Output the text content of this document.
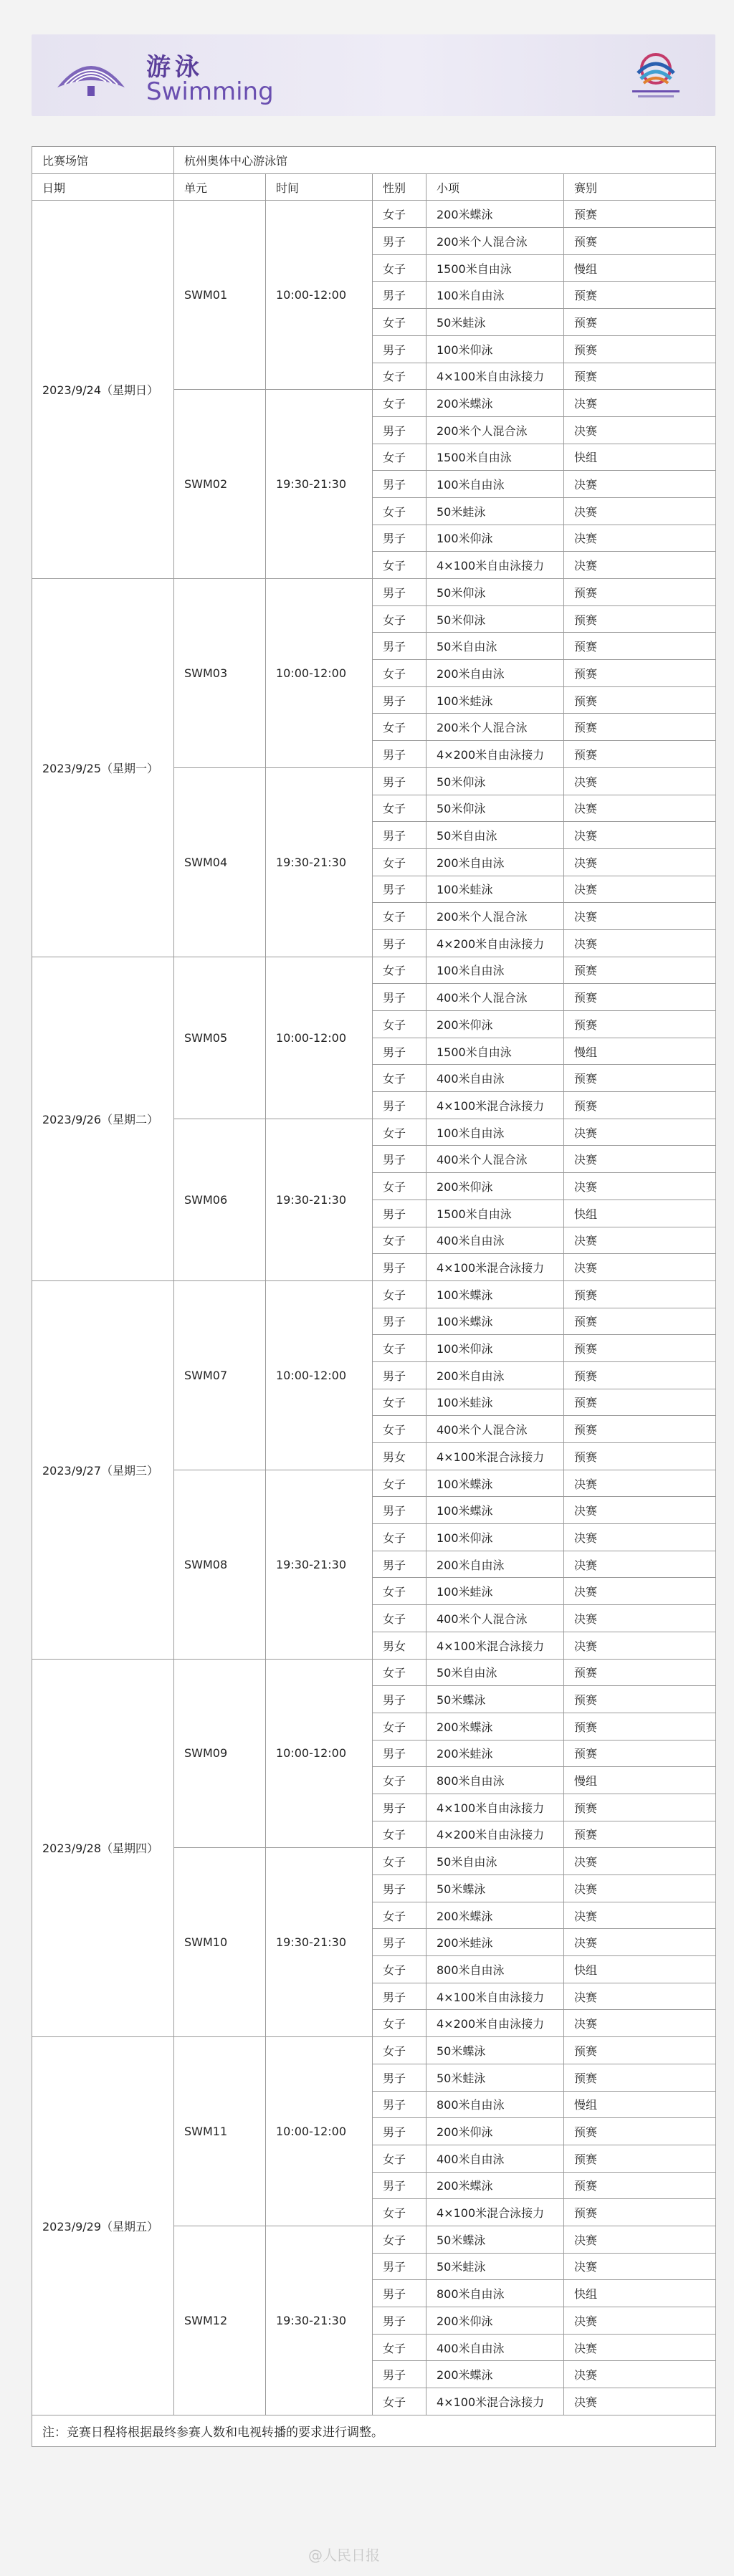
游泳
Swimming
比赛场馆	杭州奥体中心游泳馆				
日期	单元	时间	性别	小项	赛别
2023/9/24（星期日）	SWM01	10:00-12:00	女子	200米蝶泳	预赛
			男子	200米个人混合泳	预赛
			女子	1500米自由泳	慢组
			男子	100米自由泳	预赛
			女子	50米蛙泳	预赛
			男子	100米仰泳	预赛
			女子	4×100米自由泳接力	预赛
	SWM02	19:30-21:30	女子	200米蝶泳	决赛
			男子	200米个人混合泳	决赛
			女子	1500米自由泳	快组
			男子	100米自由泳	决赛
			女子	50米蛙泳	决赛
			男子	100米仰泳	决赛
			女子	4×100米自由泳接力	决赛
2023/9/25（星期一）	SWM03	10:00-12:00	男子	50米仰泳	预赛
			女子	50米仰泳	预赛
			男子	50米自由泳	预赛
			女子	200米自由泳	预赛
			男子	100米蛙泳	预赛
			女子	200米个人混合泳	预赛
			男子	4×200米自由泳接力	预赛
	SWM04	19:30-21:30	男子	50米仰泳	决赛
			女子	50米仰泳	决赛
			男子	50米自由泳	决赛
			女子	200米自由泳	决赛
			男子	100米蛙泳	决赛
			女子	200米个人混合泳	决赛
			男子	4×200米自由泳接力	决赛
2023/9/26（星期二）	SWM05	10:00-12:00	女子	100米自由泳	预赛
			男子	400米个人混合泳	预赛
			女子	200米仰泳	预赛
			男子	1500米自由泳	慢组
			女子	400米自由泳	预赛
			男子	4×100米混合泳接力	预赛
	SWM06	19:30-21:30	女子	100米自由泳	决赛
			男子	400米个人混合泳	决赛
			女子	200米仰泳	决赛
			男子	1500米自由泳	快组
			女子	400米自由泳	决赛
			男子	4×100米混合泳接力	决赛
2023/9/27（星期三）	SWM07	10:00-12:00	女子	100米蝶泳	预赛
			男子	100米蝶泳	预赛
			女子	100米仰泳	预赛
			男子	200米自由泳	预赛
			女子	100米蛙泳	预赛
			女子	400米个人混合泳	预赛
			男女	4×100米混合泳接力	预赛
	SWM08	19:30-21:30	女子	100米蝶泳	决赛
			男子	100米蝶泳	决赛
			女子	100米仰泳	决赛
			男子	200米自由泳	决赛
			女子	100米蛙泳	决赛
			女子	400米个人混合泳	决赛
			男女	4×100米混合泳接力	决赛
2023/9/28（星期四）	SWM09	10:00-12:00	女子	50米自由泳	预赛
			男子	50米蝶泳	预赛
			女子	200米蝶泳	预赛
			男子	200米蛙泳	预赛
			女子	800米自由泳	慢组
			男子	4×100米自由泳接力	预赛
			女子	4×200米自由泳接力	预赛
	SWM10	19:30-21:30	女子	50米自由泳	决赛
			男子	50米蝶泳	决赛
			女子	200米蝶泳	决赛
			男子	200米蛙泳	决赛
			女子	800米自由泳	快组
			男子	4×100米自由泳接力	决赛
			女子	4×200米自由泳接力	决赛
2023/9/29（星期五）	SWM11	10:00-12:00	女子	50米蝶泳	预赛
			男子	50米蛙泳	预赛
			男子	800米自由泳	慢组
			男子	200米仰泳	预赛
			女子	400米自由泳	预赛
			男子	200米蝶泳	预赛
			女子	4×100米混合泳接力	预赛
	SWM12	19:30-21:30	女子	50米蝶泳	决赛
			男子	50米蛙泳	决赛
			男子	800米自由泳	快组
			男子	200米仰泳	决赛
			女子	400米自由泳	决赛
			男子	200米蝶泳	决赛
			女子	4×100米混合泳接力	决赛
注：竞赛日程将根据最终参赛人数和电视转播的要求进行调整。					
@人民日报
